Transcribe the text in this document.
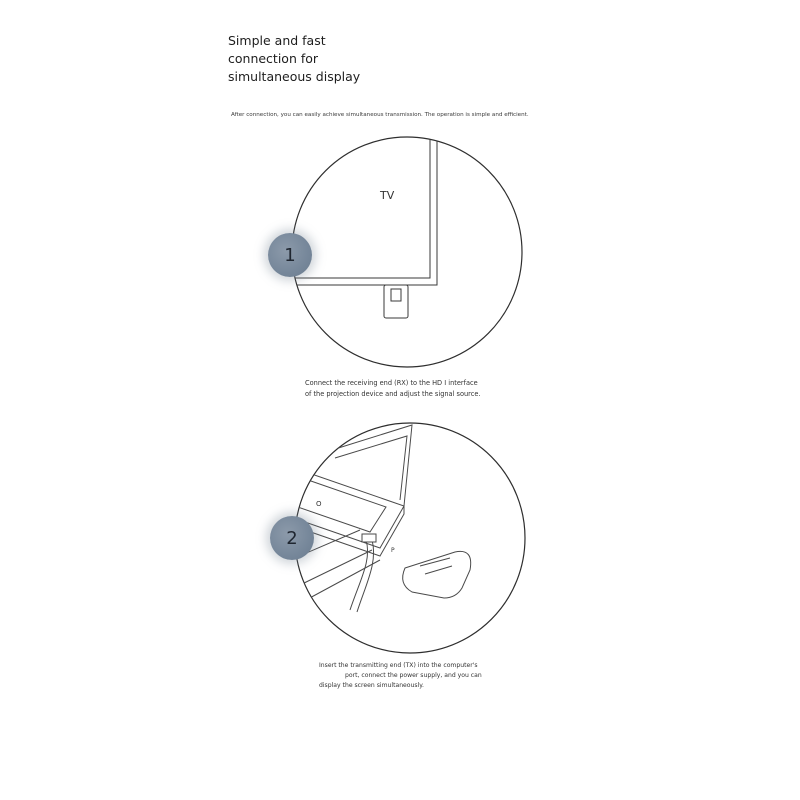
Simple and fast
connection for
simultaneous display
After connection, you can easily achieve simultaneous transmission. The operation is simple and efficient.
TV
O
P
1
2
Connect the receiving end (RX) to the HD I interface
of the projection device and adjust the signal source.
Insert the transmitting end (TX) into the computer's
port, connect the power supply, and you can
display the screen simultaneously.
